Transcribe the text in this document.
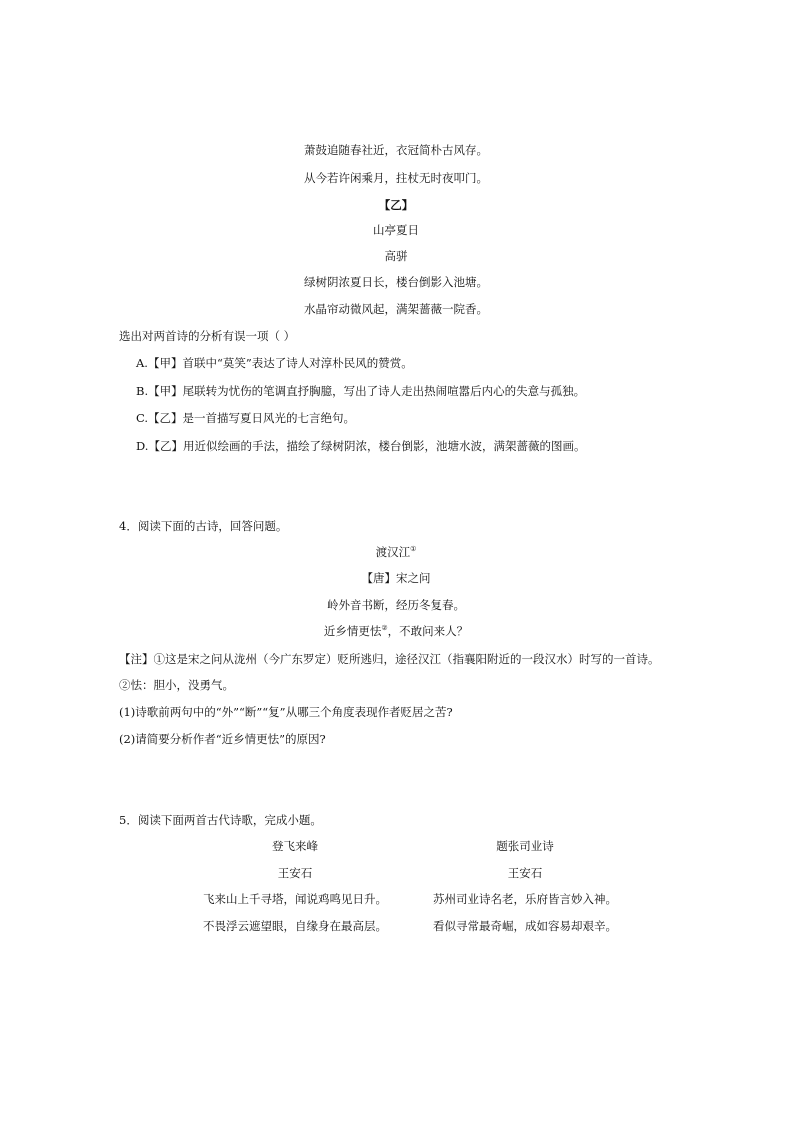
萧鼓追随春社近，衣冠简朴古风存。
从今若许闲乘月，拄杖无时夜叩门。
【乙】
山亭夏日
高骈
绿树阴浓夏日长，楼台倒影入池塘。
水晶帘动微风起，满架蔷薇一院香。
选出对两首诗的分析有误一项（ ）
A.【甲】首联中“莫笑”表达了诗人对淳朴民风的赞赏。
B.【甲】尾联转为忧伤的笔调直抒胸臆，写出了诗人走出热闹喧嚣后内心的失意与孤独。
C.【乙】是一首描写夏日风光的七言绝句。
D.【乙】用近似绘画的手法，描绘了绿树阴浓，楼台倒影，池塘水波，满架蔷薇的图画。
4．阅读下面的古诗，回答问题。
渡汉江①
【唐】宋之问
岭外音书断，经历冬复春。
近乡情更怯②，不敢问来人？
【注】①这是宋之问从泷州（今广东罗定）贬所逃归，途径汉江（指襄阳附近的一段汉水）时写的一首诗。
②怯：胆小，没勇气。
(1)诗歌前两句中的“外”“断”“复”从哪三个角度表现作者贬居之苦?
(2)请简要分析作者“近乡情更怯”的原因?
5．阅读下面两首古代诗歌，完成小题。
登飞来峰
王安石
飞来山上千寻塔，闻说鸡鸣见日升。
不畏浮云遮望眼，自缘身在最高层。
题张司业诗
王安石
苏州司业诗名老，乐府皆言妙入神。
看似寻常最奇崛，成如容易却艰辛。
